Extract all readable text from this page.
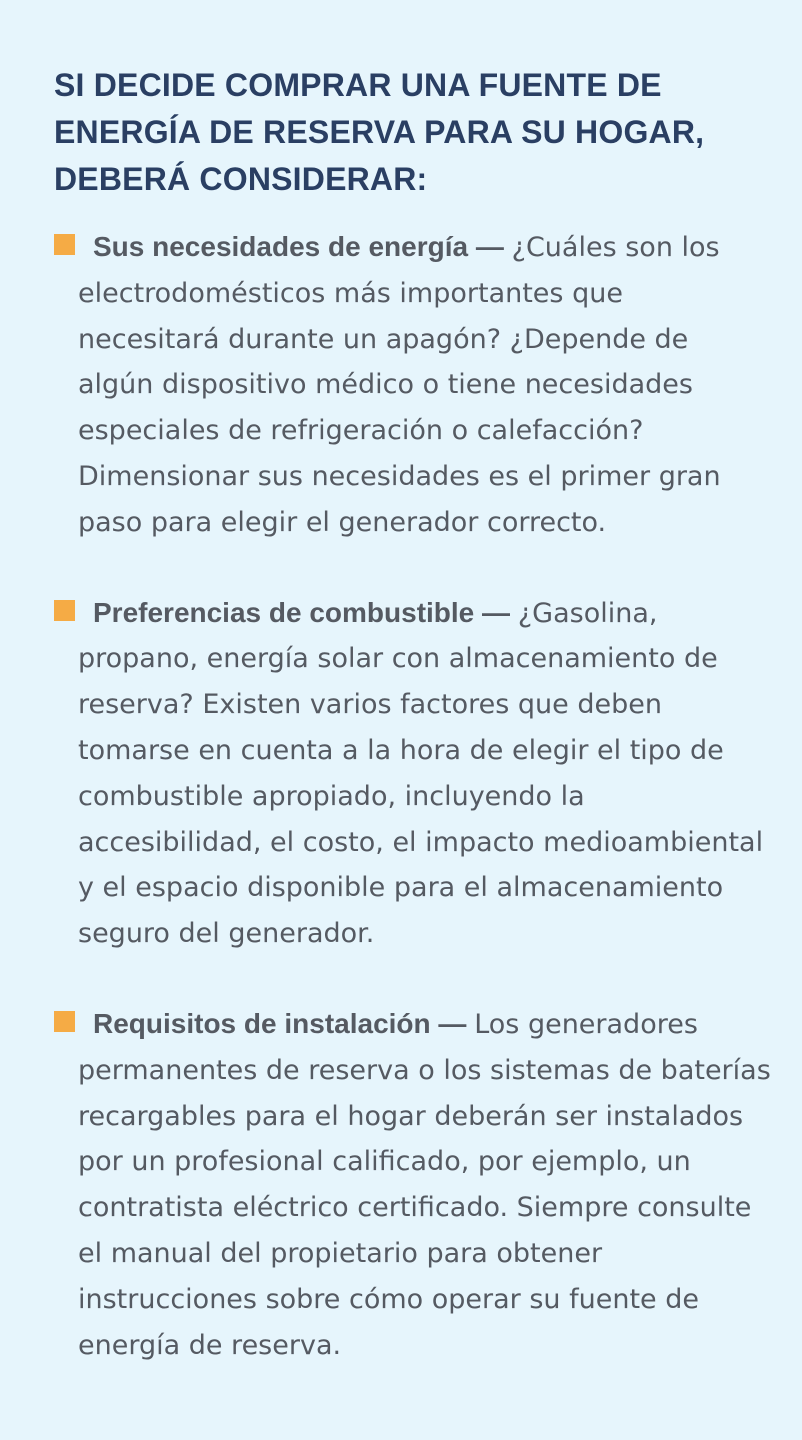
SI DECIDE COMPRAR UNA FUENTE DE ENERGÍA DE RESERVA PARA SU HOGAR, DEBERÁ CONSIDERAR:
Sus necesidades de energía — ¿Cuáles son los electrodomésticos más importantes que necesitará durante un apagón? ¿Depende de algún dispositivo médico o tiene necesidades especiales de refrigeración o calefacción? Dimensionar sus necesidades es el primer gran paso para elegir el generador correcto.
Preferencias de combustible — ¿Gasolina, propano, energía solar con almacenamiento de reserva? Existen varios factores que deben tomarse en cuenta a la hora de elegir el tipo de combustible apropiado, incluyendo la accesibilidad, el costo, el impacto medioambiental y el espacio disponible para el almacenamiento seguro del generador.
Requisitos de instalación — Los generadores permanentes de reserva o los sistemas de baterías recargables para el hogar deberán ser instalados por un profesional calificado, por ejemplo, un contratista eléctrico certificado. Siempre consulte el manual del propietario para obtener instrucciones sobre cómo operar su fuente de energía de reserva.
